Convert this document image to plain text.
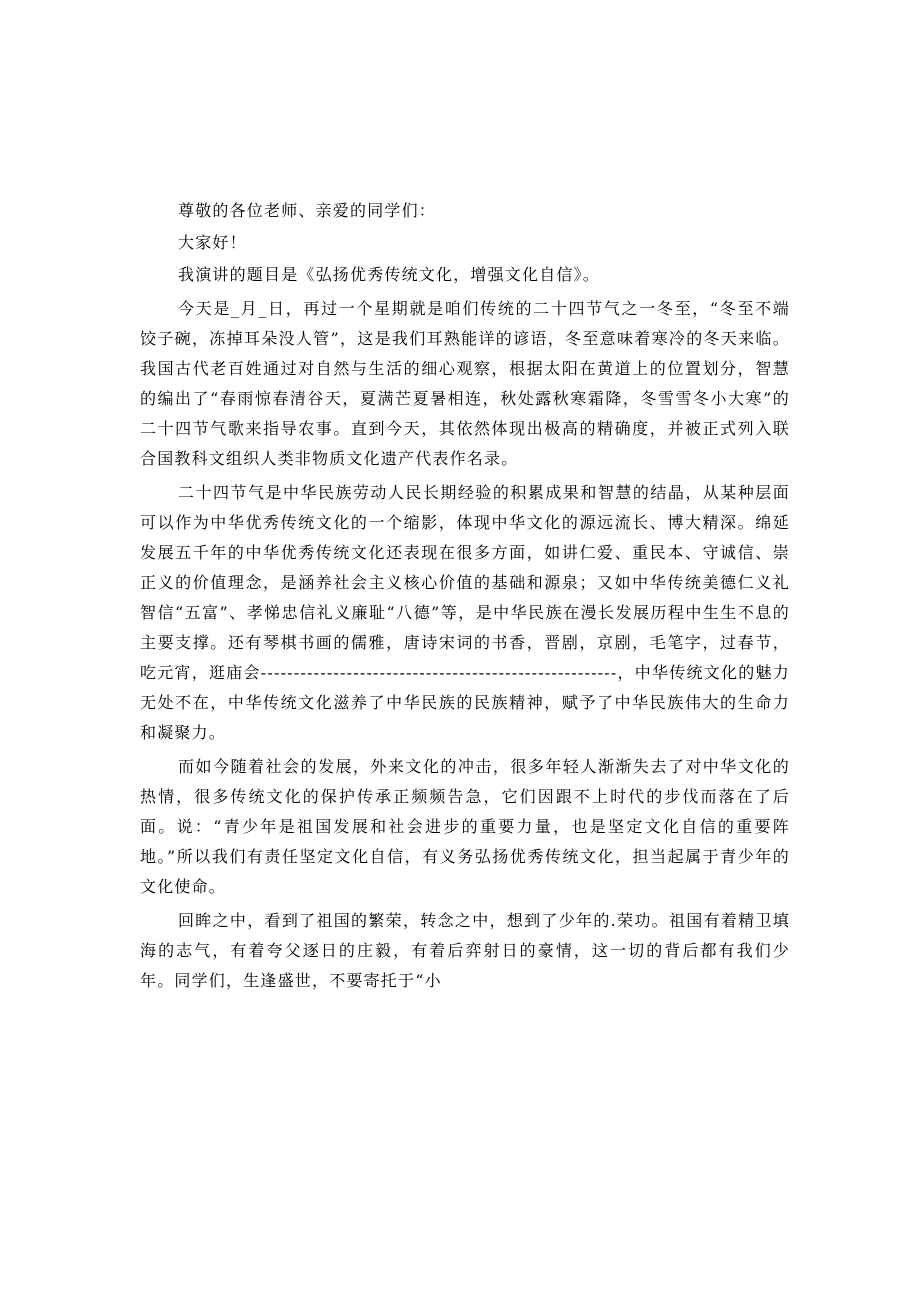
尊敬的各位老师、亲爱的同学们：

大家好！

我演讲的题目是《弘扬优秀传统文化，增强文化自信》。

今天是_月_日，再过一个星期就是咱们传统的二十四节气之一冬至，“冬至不端饺子碗，冻掉耳朵没人管”，这是我们耳熟能详的谚语，冬至意味着寒冷的冬天来临。我国古代老百姓通过对自然与生活的细心观察，根据太阳在黄道上的位置划分，智慧的编出了“春雨惊春清谷天，夏满芒夏暑相连，秋处露秋寒霜降，冬雪雪冬小大寒”的二十四节气歌来指导农事。直到今天，其依然体现出极高的精确度，并被正式列入联合国教科文组织人类非物质文化遗产代表作名录。

二十四节气是中华民族劳动人民长期经验的积累成果和智慧的结晶，从某种层面可以作为中华优秀传统文化的一个缩影，体现中华文化的源远流长、博大精深。绵延发展五千年的中华优秀传统文化还表现在很多方面，如讲仁爱、重民本、守诚信、崇正义的价值理念，是涵养社会主义核心价值的基础和源泉；又如中华传统美德仁义礼智信“五富”、孝悌忠信礼义廉耻“八德”等，是中华民族在漫长发展历程中生生不息的主要支撑。还有琴棋书画的儒雅，唐诗宋词的书香，晋剧，京剧，毛笔字，过春节，吃元宵，逛庙会------------------------------------------------------，中华传统文化的魅力无处不在，中华传统文化滋养了中华民族的民族精神，赋予了中华民族伟大的生命力和凝聚力。

而如今随着社会的发展，外来文化的冲击，很多年轻人渐渐失去了对中华文化的热情，很多传统文化的保护传承正频频告急，它们因跟不上时代的步伐而落在了后面。说：“青少年是祖国发展和社会进步的重要力量，也是坚定文化自信的重要阵地。”所以我们有责任坚定文化自信，有义务弘扬优秀传统文化，担当起属于青少年的文化使命。

回眸之中，看到了祖国的繁荣，转念之中，想到了少年的.荣功。祖国有着精卫填海的志气，有着夸父逐日的庄毅，有着后弈射日的豪情，这一切的背后都有我们少年。同学们，生逢盛世，不要寄托于“小
